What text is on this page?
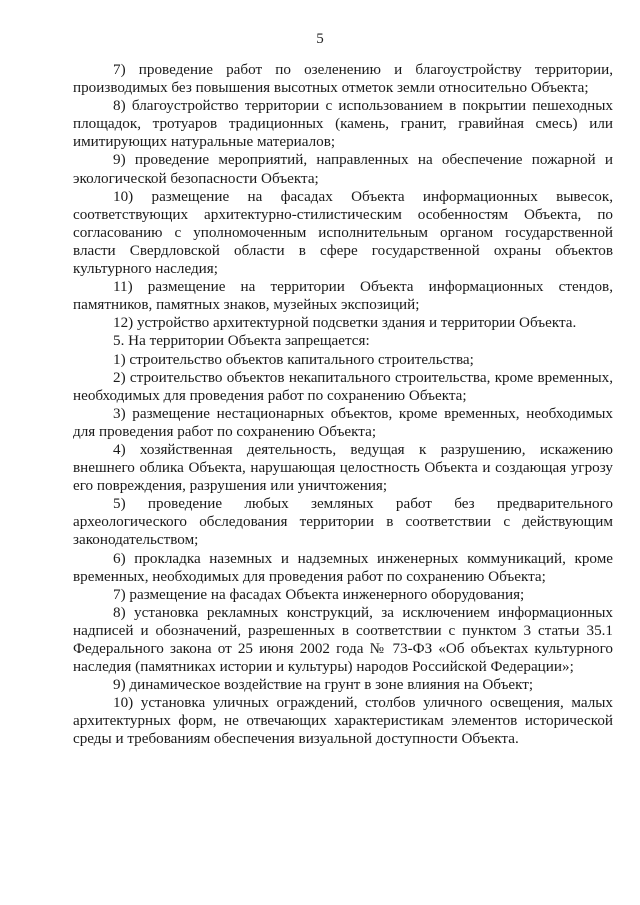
5

7) проведение работ по озеленению и благоустройству территории, производимых без повышения высотных отметок земли относительно Объекта;

8) благоустройство территории с использованием в покрытии пешеходных площадок, тротуаров традиционных (камень, гранит, гравийная смесь) или имитирующих натуральные материалов;

9) проведение мероприятий, направленных на обеспечение пожарной и экологической безопасности Объекта;

10) размещение на фасадах Объекта информационных вывесок, соответствующих архитектурно-стилистическим особенностям Объекта, по согласованию с уполномоченным исполнительным органом государственной власти Свердловской области в сфере государственной охраны объектов культурного наследия;

11) размещение на территории Объекта информационных стендов, памятников, памятных знаков, музейных экспозиций;

12) устройство архитектурной подсветки здания и территории Объекта.

5. На территории Объекта запрещается:

1) строительство объектов капитального строительства;

2) строительство объектов некапитального строительства, кроме временных, необходимых для проведения работ по сохранению Объекта;

3) размещение нестационарных объектов, кроме временных, необходимых для проведения работ по сохранению Объекта;

4) хозяйственная деятельность, ведущая к разрушению, искажению внешнего облика Объекта, нарушающая целостность Объекта и создающая угрозу его повреждения, разрушения или уничтожения;

5) проведение любых земляных работ без предварительного археологического обследования территории в соответствии с действующим законодательством;

6) прокладка наземных и надземных инженерных коммуникаций, кроме временных, необходимых для проведения работ по сохранению Объекта;

7) размещение на фасадах Объекта инженерного оборудования;

8) установка рекламных конструкций, за исключением информационных надписей и обозначений, разрешенных в соответствии с пунктом 3 статьи 35.1 Федерального закона от 25 июня 2002 года № 73-ФЗ «Об объектах культурного наследия (памятниках истории и культуры) народов Российской Федерации»;

9) динамическое воздействие на грунт в зоне влияния на Объект;

10) установка уличных ограждений, столбов уличного освещения, малых архитектурных форм, не отвечающих характеристикам элементов исторической среды и требованиям обеспечения визуальной доступности Объекта.
